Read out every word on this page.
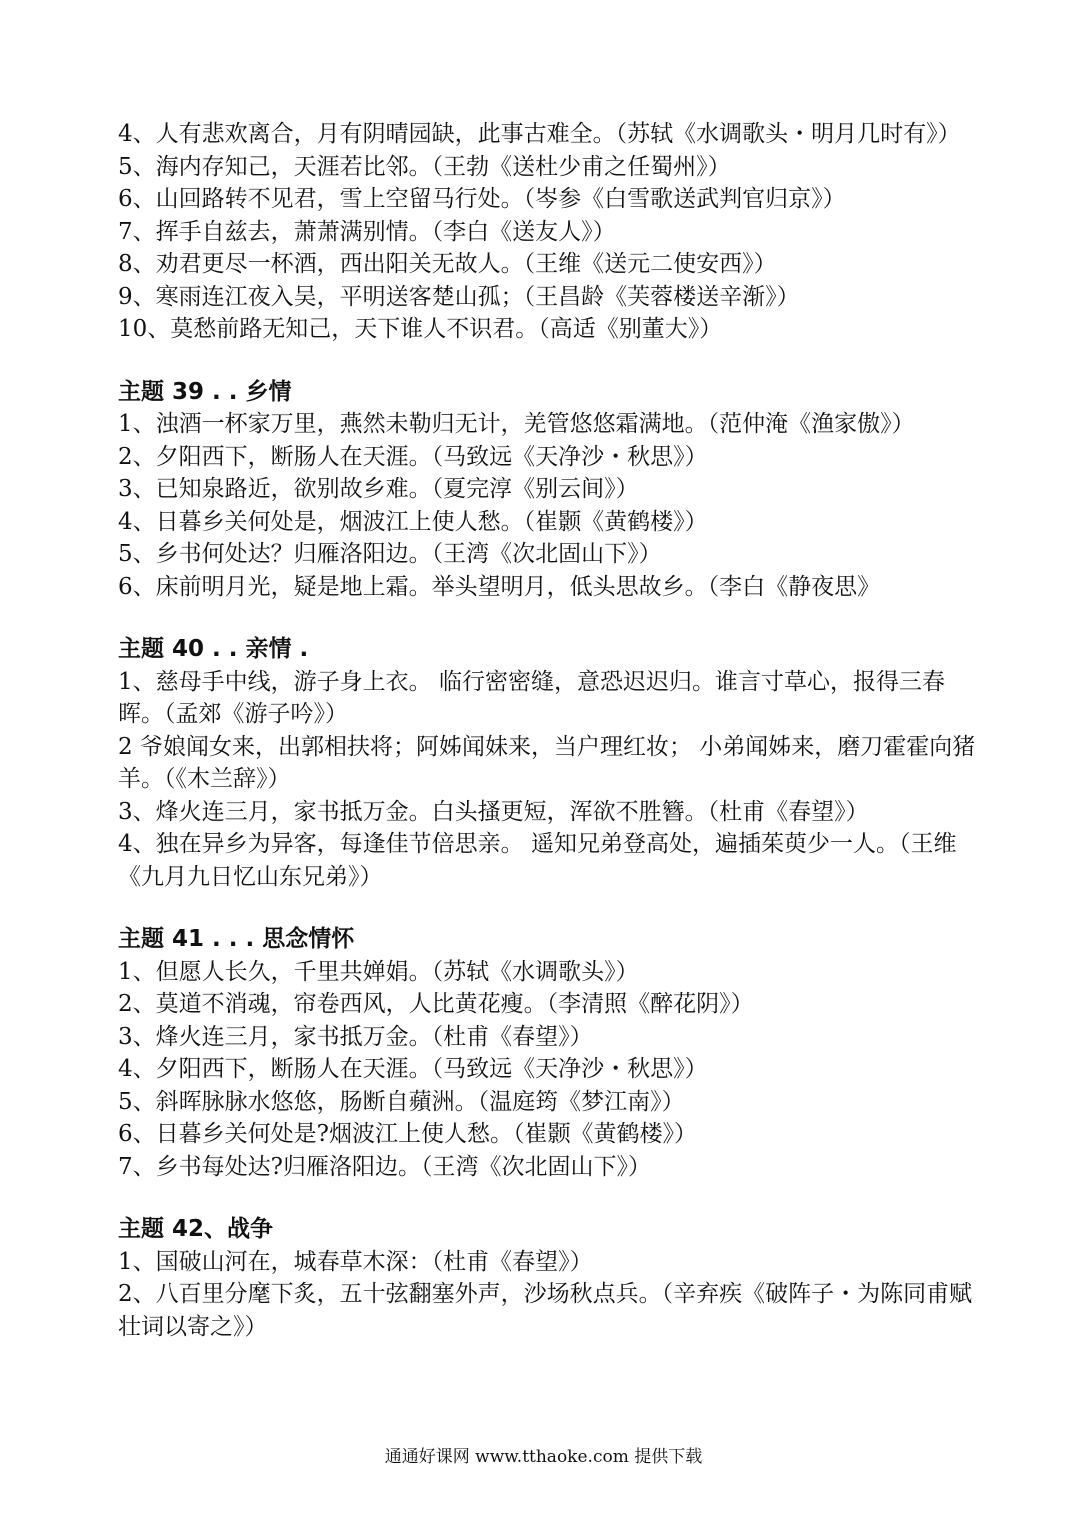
4、人有悲欢离合，月有阴晴园缺，此事古难全。（苏轼《水调歌头・明月几时有》）

5、海内存知己，天涯若比邻。（王勃《送杜少甫之任蜀州》）

6、山回路转不见君，雪上空留马行处。（岑参《白雪歌送武判官归京》）

7、挥手自兹去，萧萧满别情。（李白《送友人》）

8、劝君更尽一杯酒，西出阳关无故人。（王维《送元二使安西》）

9、寒雨连江夜入吴，平明送客楚山孤；（王昌龄《芙蓉楼送辛渐》）

10、莫愁前路无知己，天下谁人不识君。（高适《别董大》）

主题 39 . . 乡情

1、浊酒一杯家万里，燕然未勒归无计，羌管悠悠霜满地。（范仲淹《渔家傲》）

2、夕阳西下，断肠人在天涯。（马致远《天净沙・秋思》）

3、已知泉路近，欲别故乡难。（夏完淳《别云间》）

4、日暮乡关何处是，烟波江上使人愁。（崔颢《黄鹤楼》）

5、乡书何处达？归雁洛阳边。（王湾《次北固山下》）

6、床前明月光，疑是地上霜。举头望明月，低头思故乡。（李白《静夜思》

主题 40 . . 亲情 .

1、慈母手中线，游子身上衣。 临行密密缝，意恐迟迟归。谁言寸草心，报得三春晖。（孟郊《游子吟》）

2 爷娘闻女来，出郭相扶将；阿姊闻妹来，当户理红妆； 小弟闻姊来，磨刀霍霍向猪羊。（《木兰辞》）

3、烽火连三月，家书抵万金。白头搔更短，浑欲不胜簪。（杜甫《春望》）

4、独在异乡为异客，每逢佳节倍思亲。 遥知兄弟登高处，遍插茱萸少一人。（王维《九月九日忆山东兄弟》）

主题 41 . . . 思念情怀

1、但愿人长久，千里共婵娟。（苏轼《水调歌头》）

2、莫道不消魂，帘卷西风，人比黄花瘦。（李清照《醉花阴》）

3、烽火连三月，家书抵万金。（杜甫《春望》）

4、夕阳西下，断肠人在天涯。（马致远《天净沙・秋思》）

5、斜晖脉脉水悠悠，肠断自蘋洲。（温庭筠《梦江南》）

6、日暮乡关何处是?烟波江上使人愁。（崔颢《黄鹤楼》）

7、乡书每处达?归雁洛阳边。（王湾《次北固山下》）

主题 42、战争

1、国破山河在，城春草木深：（杜甫《春望》）

2、八百里分麾下炙，五十弦翻塞外声，沙场秋点兵。（辛弃疾《破阵子・为陈同甫赋壮词以寄之》）

通通好课网 www.tthaoke.com 提供下载
